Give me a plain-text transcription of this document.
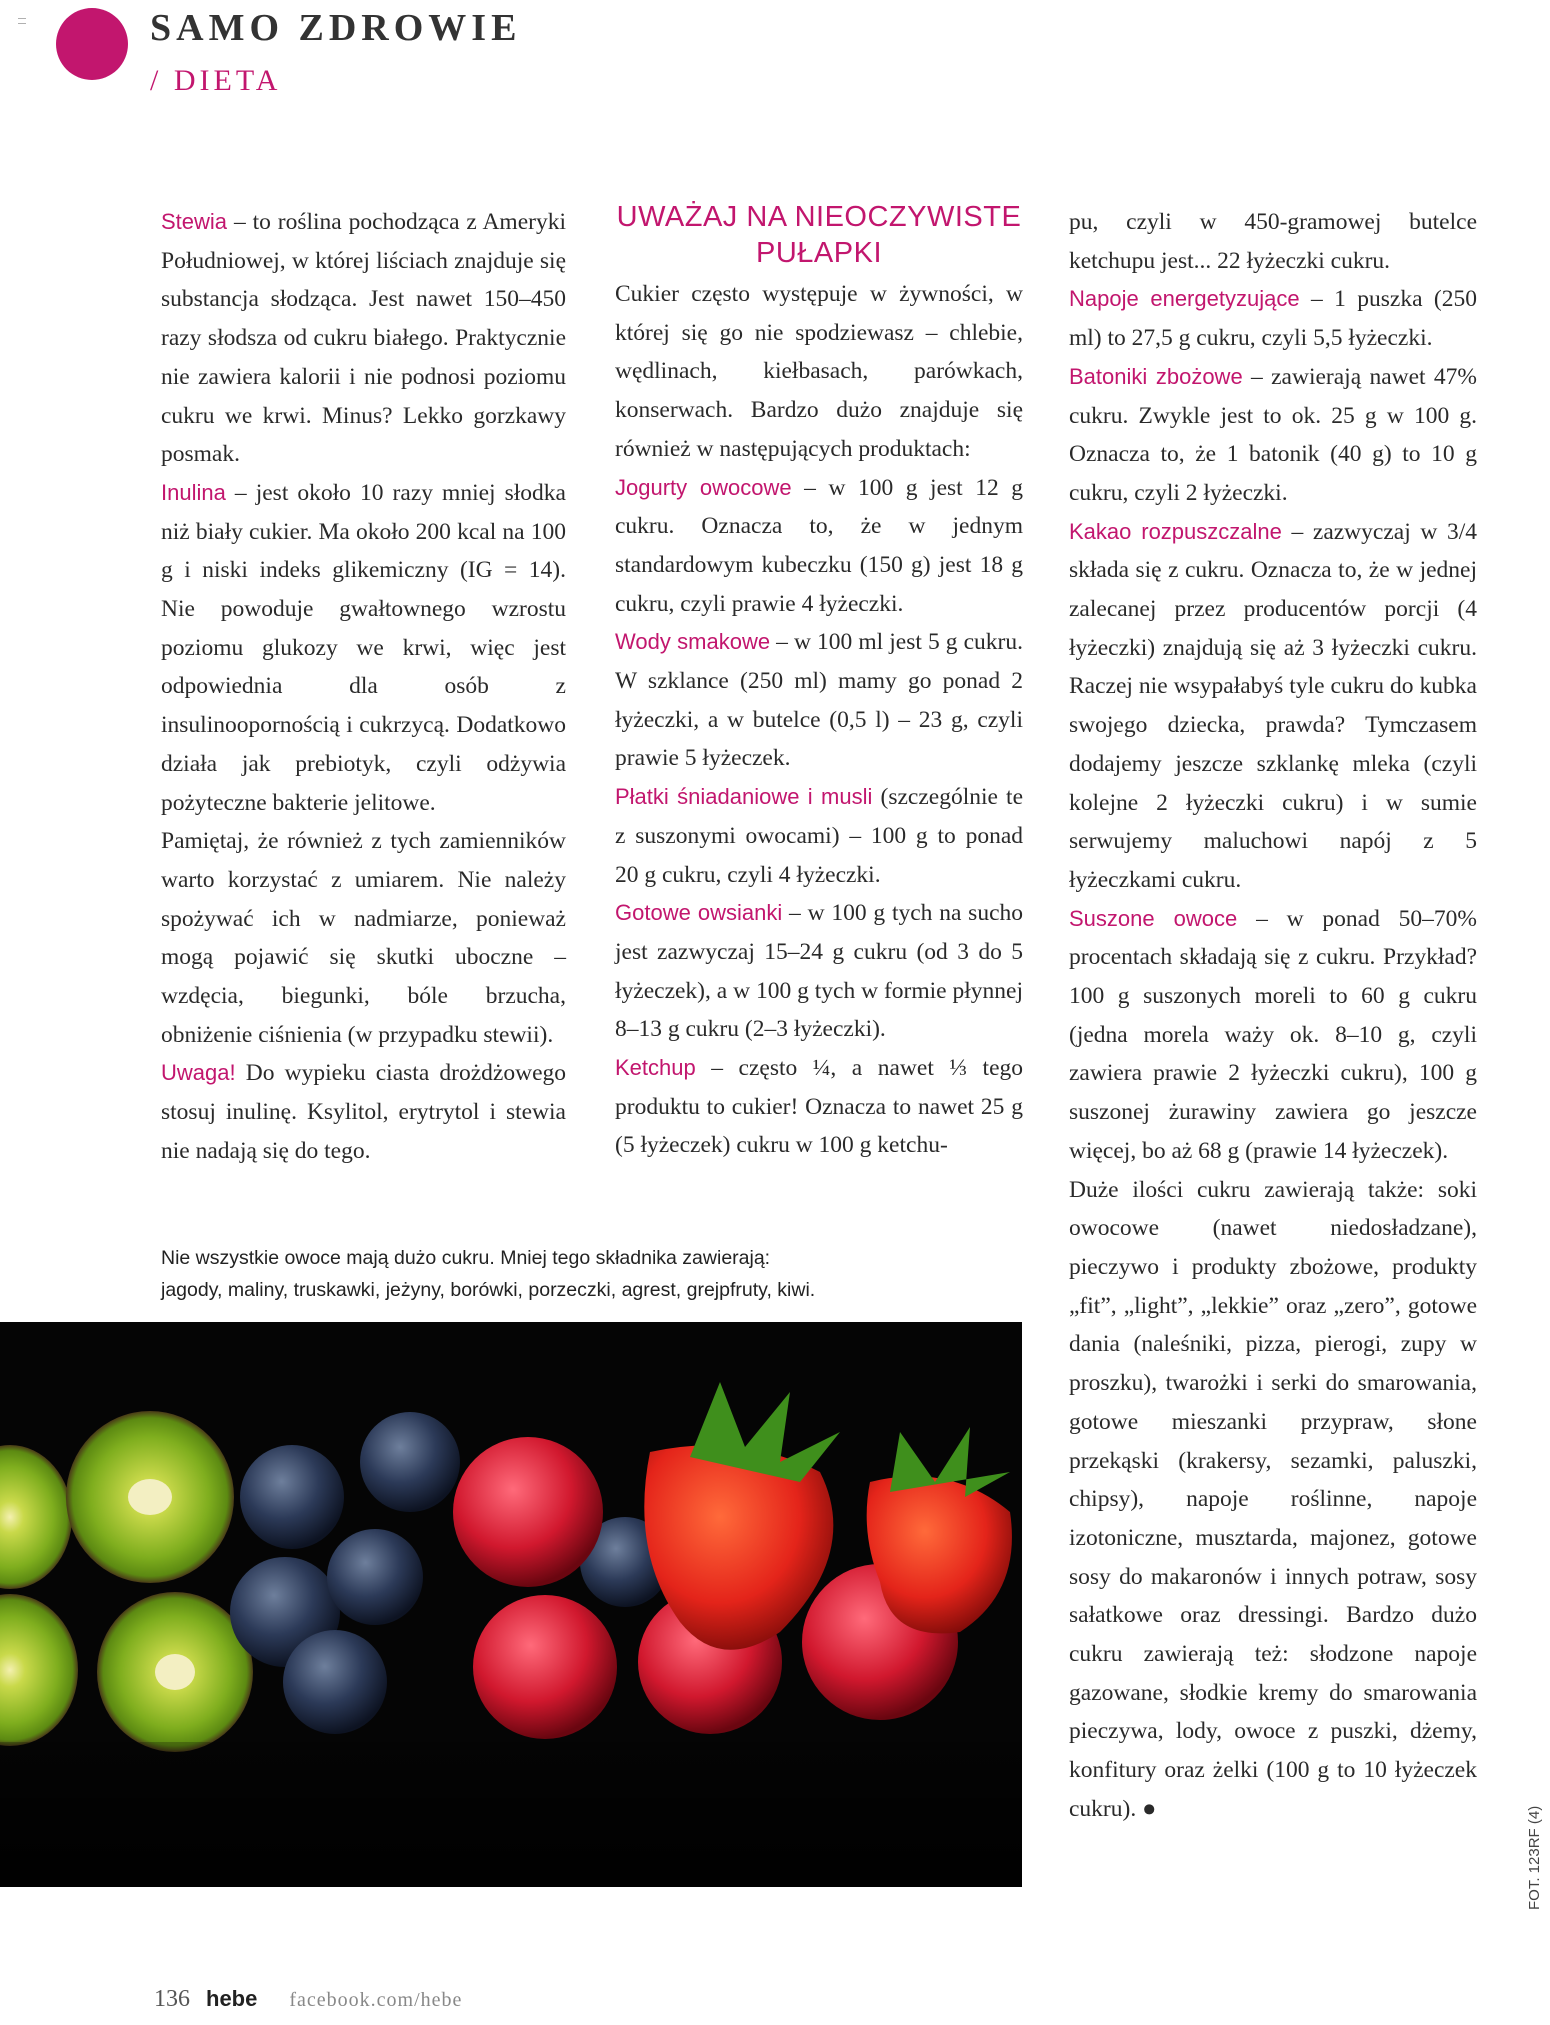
SAMO ZDROWIE
/ DIETA

Stewia – to roślina pochodząca z Ameryki Południowej, w której liściach znajduje się substancja słodząca. Jest nawet 150–450 razy słodsza od cukru białego. Praktycznie nie zawiera kalorii i nie podnosi poziomu cukru we krwi. Minus? Lekko gorzkawy posmak.

Inulina – jest około 10 razy mniej słodka niż biały cukier. Ma około 200 kcal na 100 g i niski indeks glikemiczny (IG = 14). Nie powoduje gwałtownego wzrostu poziomu glukozy we krwi, więc jest odpowiednia dla osób z insulinoopornością i cukrzycą. Dodatkowo działa jak prebiotyk, czyli odżywia pożyteczne bakterie jelitowe.

Pamiętaj, że również z tych zamienników warto korzystać z umiarem. Nie należy spożywać ich w nadmiarze, ponieważ mogą pojawić się skutki uboczne – wzdęcia, biegunki, bóle brzucha, obniżenie ciśnienia (w przypadku stewii).

Uwaga! Do wypieku ciasta drożdżowego stosuj inulinę. Ksylitol, erytrytol i stewia nie nadają się do tego.

UWAŻAJ NA NIEOCZYWISTE PUŁAPKI

Cukier często występuje w żywności, w której się go nie spodziewasz – chlebie, wędlinach, kiełbasach, parówkach, konserwach. Bardzo dużo znajduje się również w następujących produktach:

Jogurty owocowe – w 100 g jest 12 g cukru. Oznacza to, że w jednym standardowym kubeczku (150 g) jest 18 g cukru, czyli prawie 4 łyżeczki.

Wody smakowe – w 100 ml jest 5 g cukru. W szklance (250 ml) mamy go ponad 2 łyżeczki, a w butelce (0,5 l) – 23 g, czyli prawie 5 łyżeczek.

Płatki śniadaniowe i musli (szczególnie te z suszonymi owocami) – 100 g to ponad 20 g cukru, czyli 4 łyżeczki.

Gotowe owsianki – w 100 g tych na sucho jest zazwyczaj 15–24 g cukru (od 3 do 5 łyżeczek), a w 100 g tych w formie płynnej 8–13 g cukru (2–3 łyżeczki).

Ketchup – często ¼, a nawet ⅓ tego produktu to cukier! Oznacza to nawet 25 g (5 łyżeczek) cukru w 100 g ketchu-

pu, czyli w 450-gramowej butelce ketchupu jest... 22 łyżeczki cukru.

Napoje energetyzujące – 1 puszka (250 ml) to 27,5 g cukru, czyli 5,5 łyżeczki.

Batoniki zbożowe – zawierają nawet 47% cukru. Zwykle jest to ok. 25 g w 100 g. Oznacza to, że 1 batonik (40 g) to 10 g cukru, czyli 2 łyżeczki.

Kakao rozpuszczalne – zazwyczaj w 3/4 składa się z cukru. Oznacza to, że w jednej zalecanej przez producentów porcji (4 łyżeczki) znajdują się aż 3 łyżeczki cukru. Raczej nie wsypałabyś tyle cukru do kubka swojego dziecka, prawda? Tymczasem dodajemy jeszcze szklankę mleka (czyli kolejne 2 łyżeczki cukru) i w sumie serwujemy maluchowi napój z 5 łyżeczkami cukru.

Suszone owoce – w ponad 50–70% procentach składają się z cukru. Przykład? 100 g suszonych moreli to 60 g cukru (jedna morela waży ok. 8–10 g, czyli zawiera prawie 2 łyżeczki cukru), 100 g suszonej żurawiny zawiera go jeszcze więcej, bo aż 68 g (prawie 14 łyżeczek).

Duże ilości cukru zawierają także: soki owocowe (nawet niedosładzane), pieczywo i produkty zbożowe, produkty „fit”, „light”, „lekkie” oraz „zero”, gotowe dania (naleśniki, pizza, pierogi, zupy w proszku), twarożki i serki do smarowania, gotowe mieszanki przypraw, słone przekąski (krakersy, sezamki, paluszki, chipsy), napoje roślinne, napoje izotoniczne, musztarda, majonez, gotowe sosy do makaronów i innych potraw, sosy sałatkowe oraz dressingi. Bardzo dużo cukru zawierają też: słodzone napoje gazowane, słodkie kremy do smarowania pieczywa, lody, owoce z puszki, dżemy, konfitury oraz żelki (100 g to 10 łyżeczek cukru). ●

Nie wszystkie owoce mają dużo cukru. Mniej tego składnika zawierają:
jagody, maliny, truskawki, jeżyny, borówki, porzeczki, agrest, grejpfruty, kiwi.
FOT. 123RF (4)
136 hebe facebook.com/hebe
